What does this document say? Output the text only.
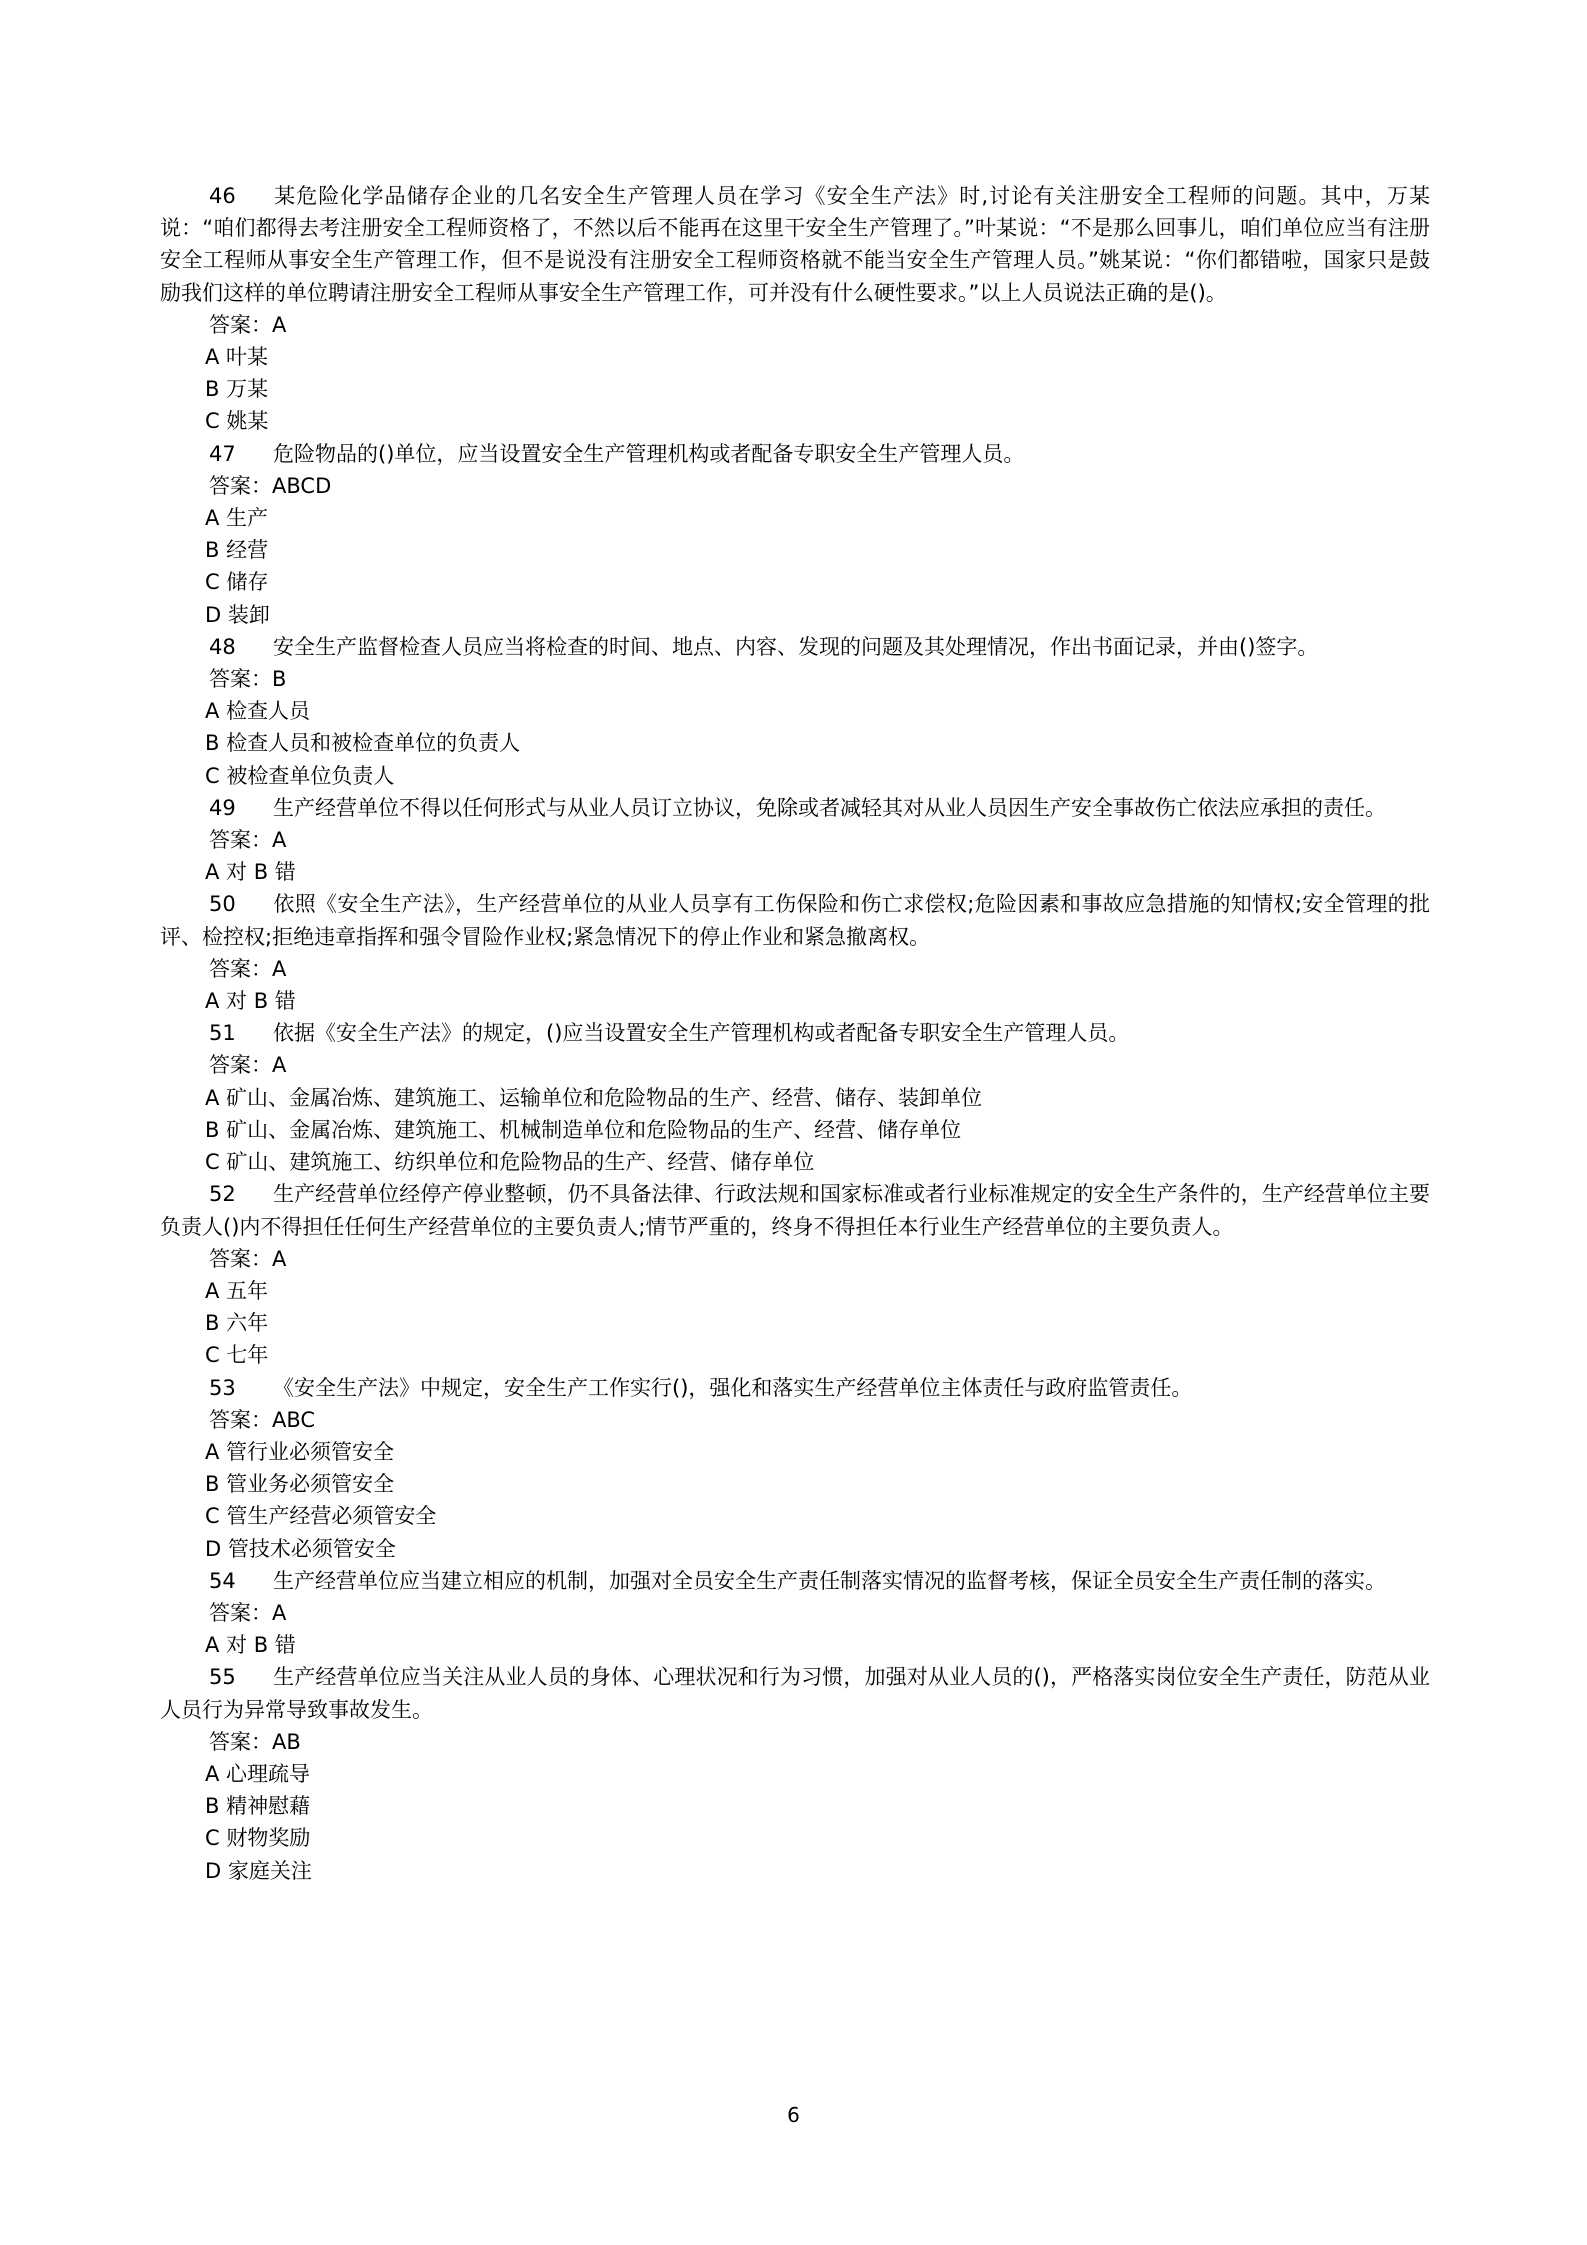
46 某危险化学品储存企业的几名安全生产管理人员在学习《安全生产法》时,讨论有关注册安全工程师的问题。其中，万某说：“咱们都得去考注册安全工程师资格了，不然以后不能再在这里干安全生产管理了。”叶某说：“不是那么回事儿，咱们单位应当有注册安全工程师从事安全生产管理工作，但不是说没有注册安全工程师资格就不能当安全生产管理人员。”姚某说：“你们都错啦，国家只是鼓励我们这样的单位聘请注册安全工程师从事安全生产管理工作，可并没有什么硬性要求。”以上人员说法正确的是()。
答案：A
A 叶某
B 万某
C 姚某
47 危险物品的()单位，应当设置安全生产管理机构或者配备专职安全生产管理人员。
答案：ABCD
A 生产
B 经营
C 储存
D 装卸
48 安全生产监督检查人员应当将检查的时间、地点、内容、发现的问题及其处理情况，作出书面记录，并由()签字。
答案：B
A 检查人员
B 检查人员和被检查单位的负责人
C 被检查单位负责人
49 生产经营单位不得以任何形式与从业人员订立协议，免除或者减轻其对从业人员因生产安全事故伤亡依法应承担的责任。
答案：A
A 对 B 错
50 依照《安全生产法》，生产经营单位的从业人员享有工伤保险和伤亡求偿权;危险因素和事故应急措施的知情权;安全管理的批评、检控权;拒绝违章指挥和强令冒险作业权;紧急情况下的停止作业和紧急撤离权。
答案：A
A 对 B 错
51 依据《安全生产法》的规定，()应当设置安全生产管理机构或者配备专职安全生产管理人员。
答案：A
A 矿山、金属冶炼、建筑施工、运输单位和危险物品的生产、经营、储存、装卸单位
B 矿山、金属冶炼、建筑施工、机械制造单位和危险物品的生产、经营、储存单位
C 矿山、建筑施工、纺织单位和危险物品的生产、经营、储存单位
52 生产经营单位经停产停业整顿，仍不具备法律、行政法规和国家标准或者行业标准规定的安全生产条件的，生产经营单位主要负责人()内不得担任任何生产经营单位的主要负责人;情节严重的，终身不得担任本行业生产经营单位的主要负责人。
答案：A
A 五年
B 六年
C 七年
53 《安全生产法》中规定，安全生产工作实行()，强化和落实生产经营单位主体责任与政府监管责任。
答案：ABC
A 管行业必须管安全
B 管业务必须管安全
C 管生产经营必须管安全
D 管技术必须管安全
54 生产经营单位应当建立相应的机制，加强对全员安全生产责任制落实情况的监督考核，保证全员安全生产责任制的落实。
答案：A
A 对 B 错
55 生产经营单位应当关注从业人员的身体、心理状况和行为习惯，加强对从业人员的()，严格落实岗位安全生产责任，防范从业人员行为异常导致事故发生。
答案：AB
A 心理疏导
B 精神慰藉
C 财物奖励
D 家庭关注
6
